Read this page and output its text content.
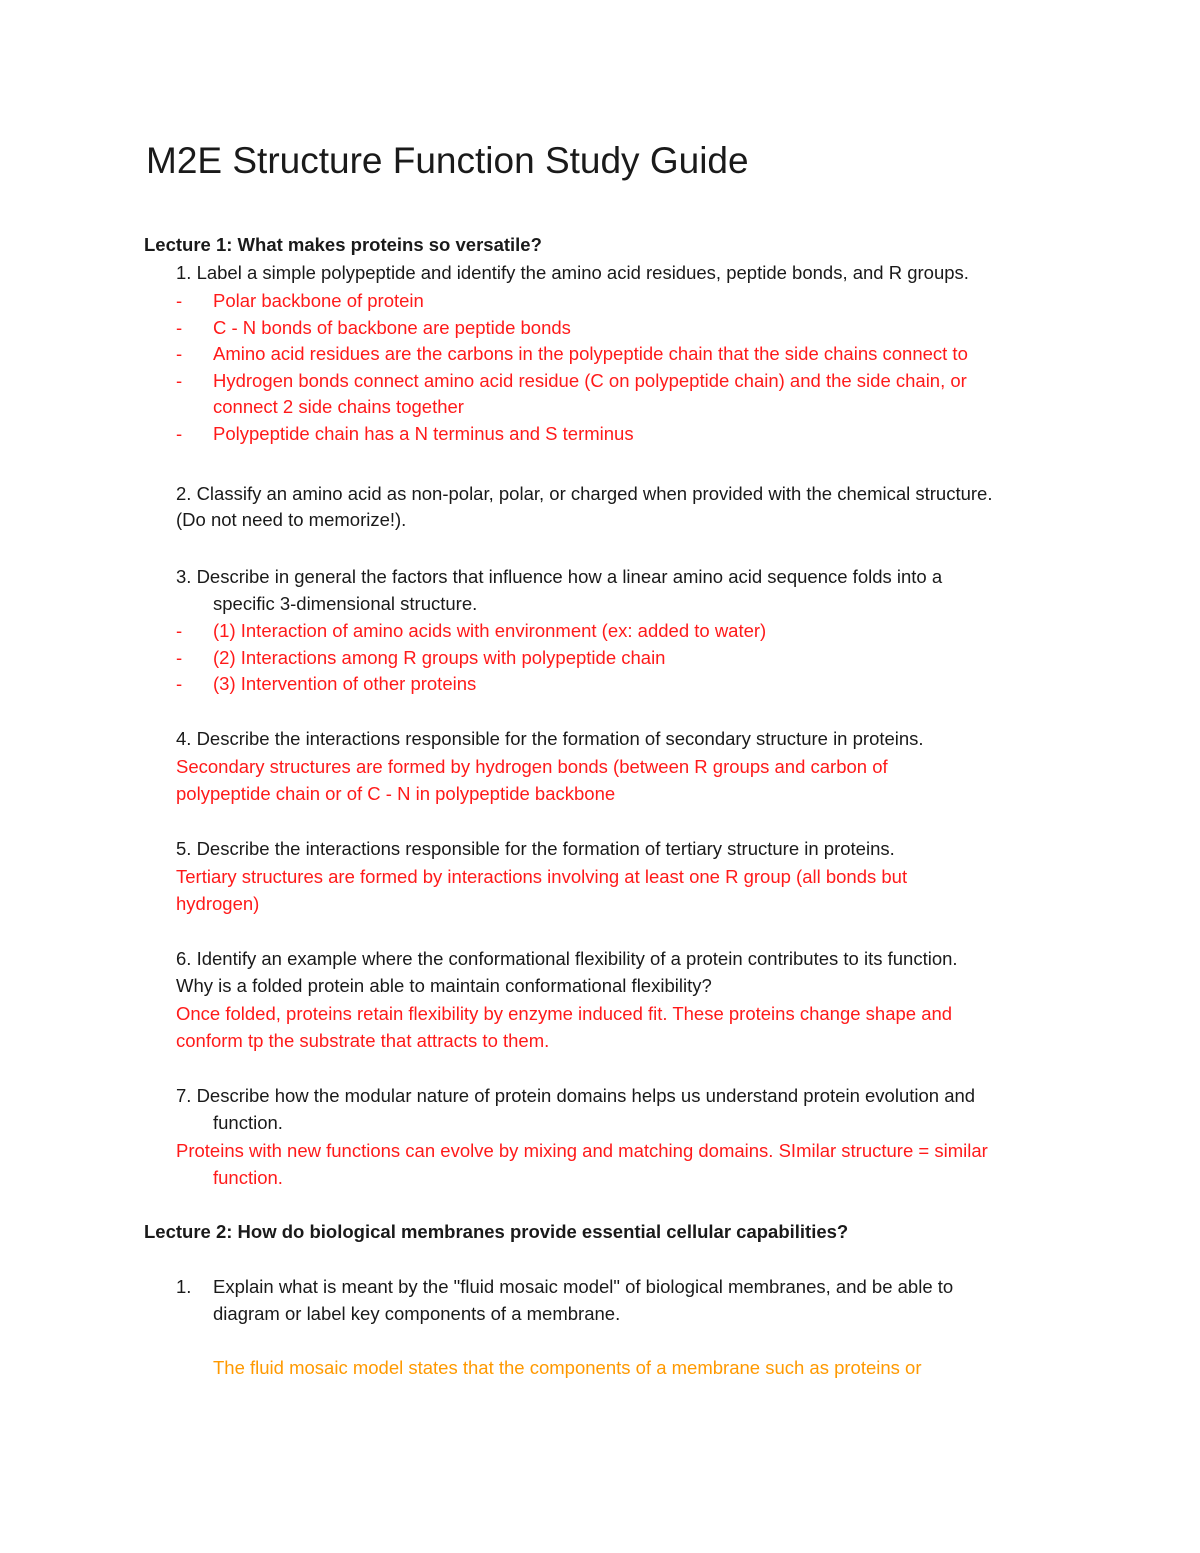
M2E Structure Function Study Guide
Lecture 1: What makes proteins so versatile?
1. Label a simple polypeptide and identify the amino acid residues, peptide bonds, and R groups.
- Polar backbone of protein
- C - N bonds of backbone are peptide bonds
- Amino acid residues are the carbons in the polypeptide chain that the side chains connect to
- Hydrogen bonds connect amino acid residue (C on polypeptide chain) and the side chain, or
connect 2 side chains together
- Polypeptide chain has a N terminus and S terminus
2. Classify an amino acid as non-polar, polar, or charged when provided with the chemical structure.
(Do not need to memorize!).
3. Describe in general the factors that influence how a linear amino acid sequence folds into a
specific 3-dimensional structure.
- (1) Interaction of amino acids with environment (ex: added to water)
- (2) Interactions among R groups with polypeptide chain
- (3) Intervention of other proteins
4. Describe the interactions responsible for the formation of secondary structure in proteins.
Secondary structures are formed by hydrogen bonds (between R groups and carbon of
polypeptide chain or of C - N in polypeptide backbone
5. Describe the interactions responsible for the formation of tertiary structure in proteins.
Tertiary structures are formed by interactions involving at least one R group (all bonds but
hydrogen)
6. Identify an example where the conformational flexibility of a protein contributes to its function.
Why is a folded protein able to maintain conformational flexibility?
Once folded, proteins retain flexibility by enzyme induced fit. These proteins change shape and
conform tp the substrate that attracts to them.
7. Describe how the modular nature of protein domains helps us understand protein evolution and
function.
Proteins with new functions can evolve by mixing and matching domains. SImilar structure = similar
function.
Lecture 2: How do biological membranes provide essential cellular capabilities?
1. Explain what is meant by the "fluid mosaic model" of biological membranes, and be able to
diagram or label key components of a membrane.
The fluid mosaic model states that the components of a membrane such as proteins or
